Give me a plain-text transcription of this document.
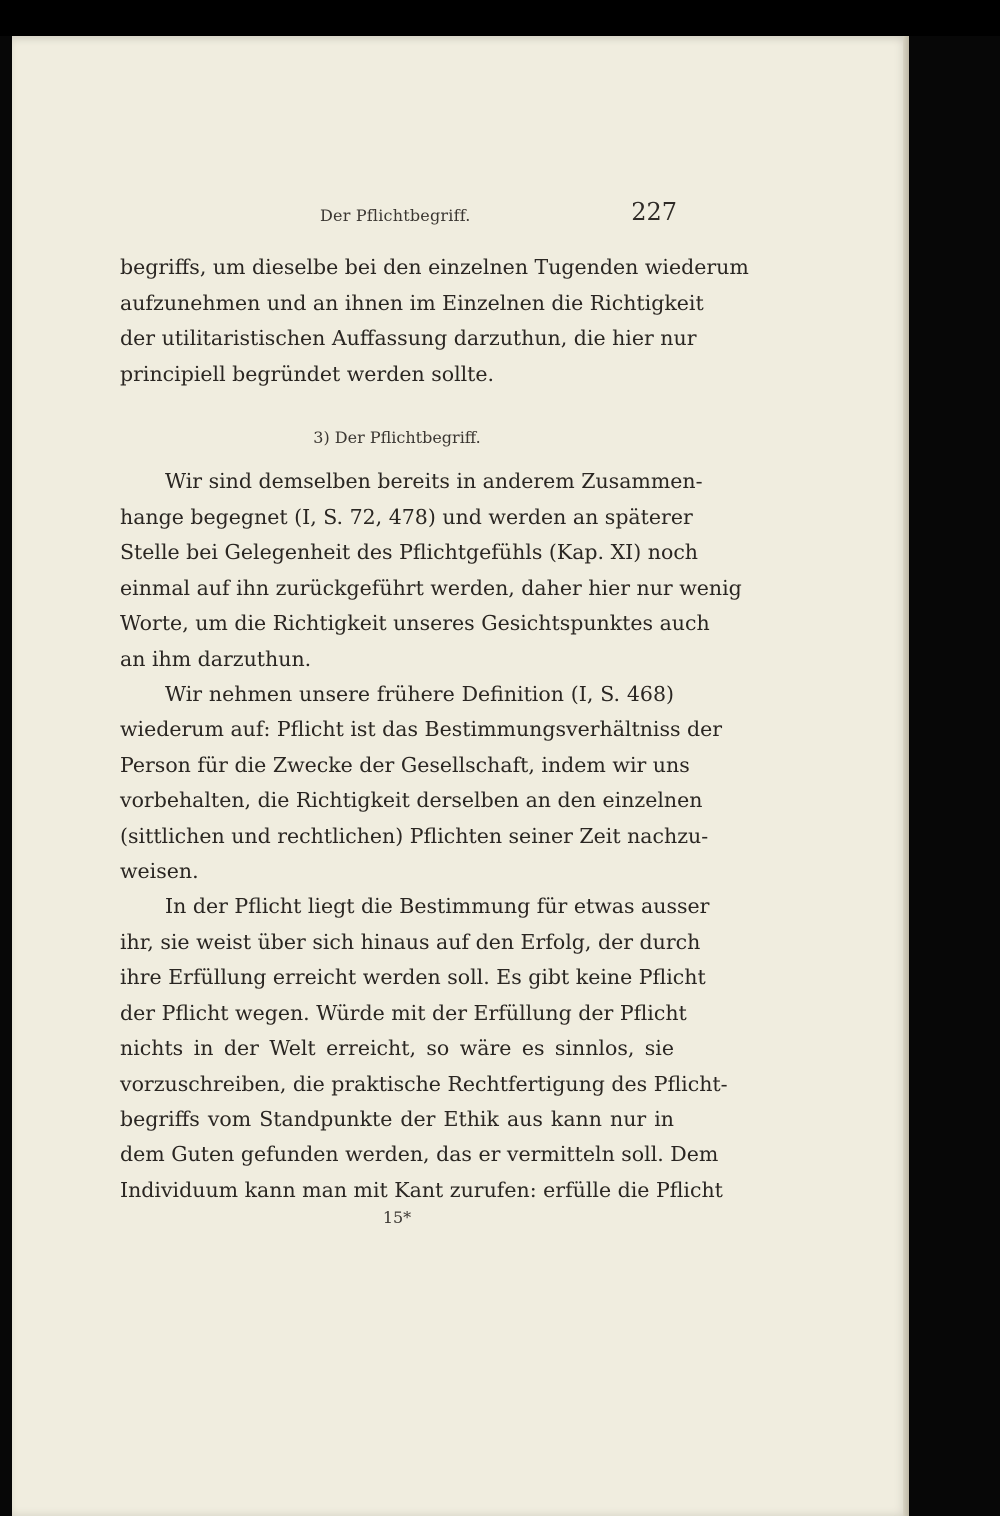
Der Pflichtbegriff.	227
begriffs, um dieselbe bei den einzelnen Tugenden wiederum
aufzunehmen und an ihnen im Einzelnen die Richtigkeit
der utilitaristischen Auffassung darzuthun, die hier nur
principiell begründet werden sollte.
3) Der Pflichtbegriff.
Wir sind demselben bereits in anderem Zusammen-
hange begegnet (I, S. 72, 478) und werden an späterer
Stelle bei Gelegenheit des Pflichtgefühls (Kap. XI) noch
einmal auf ihn zurückgeführt werden, daher hier nur wenig
Worte, um die Richtigkeit unseres Gesichtspunktes auch
an ihm darzuthun.
Wir nehmen unsere frühere Definition (I, S. 468)
wiederum auf: Pflicht ist das Bestimmungsverhältniss der
Person für die Zwecke der Gesellschaft, indem wir uns
vorbehalten, die Richtigkeit derselben an den einzelnen
(sittlichen und rechtlichen) Pflichten seiner Zeit nachzu-
weisen.
In der Pflicht liegt die Bestimmung für etwas ausser
ihr, sie weist über sich hinaus auf den Erfolg, der durch
ihre Erfüllung erreicht werden soll. Es gibt keine Pflicht
der Pflicht wegen. Würde mit der Erfüllung der Pflicht
nichts in der Welt erreicht, so wäre es sinnlos, sie
vorzuschreiben, die praktische Rechtfertigung des Pflicht-
begriffs vom Standpunkte der Ethik aus kann nur in
dem Guten gefunden werden, das er vermitteln soll. Dem
Individuum kann man mit Kant zurufen: erfülle die Pflicht
15*
